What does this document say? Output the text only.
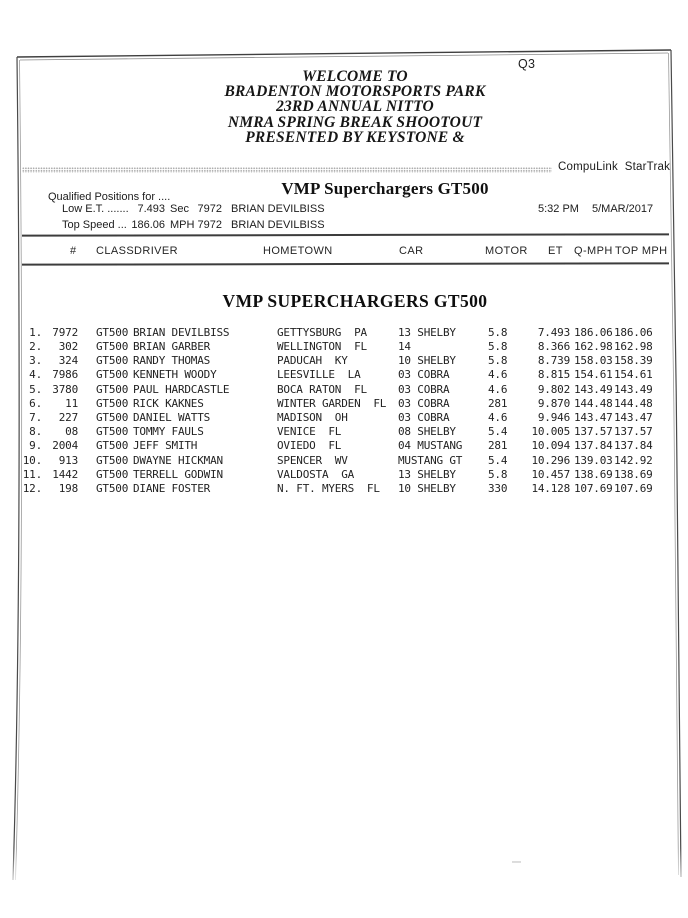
Q3
WELCOME TO
BRADENTON MOTORSPORTS PARK
23RD ANNUAL NITTO
NMRA SPRING BREAK SHOOTOUT
PRESENTED BY KEYSTONE &
CompuLink  StarTrak
Qualified Positions for ....	VMP Superchargers GT500
Low E.T. ....... 7.493 Sec 7972 BRIAN DEVILBISS	5:32 PM 5/MAR/2017
Top Speed ... 186.06 MPH 7972 BRIAN DEVILBISS
# CLASS DRIVER	HOMETOWN	CAR	MOTOR ET Q-MPH TOP MPH
VMP SUPERCHARGERS GT500
1. 7972 GT500 BRIAN DEVILBISS	GETTYSBURG  PA	13 SHELBY	5.8	7.493 186.06 186.06
2.	302 GT500 BRIAN GARBER	WELLINGTON  FL	14	5.8	8.366 162.98 162.98
3.	324 GT500 RANDY THOMAS	PADUCAH  KY	10 SHELBY	5.8	8.739 158.03 158.39
4. 7986 GT500 KENNETH WOODY	LEESVILLE  LA	03 COBRA	4.6	8.815 154.61 154.61
5. 3780 GT500 PAUL HARDCASTLE	BOCA RATON  FL	03 COBRA	4.6	9.802 143.49 143.49
6.	11 GT500 RICK KAKNES	WINTER GARDEN  FL 03 COBRA	281	9.870 144.48 144.48
7.	227 GT500 DANIEL WATTS	MADISON  OH	03 COBRA	4.6	9.946 143.47 143.47
8.	08 GT500 TOMMY FAULS	VENICE  FL	08 SHELBY	5.4	10.005 137.57 137.57
9. 2004 GT500 JEFF SMITH	OVIEDO  FL	04 MUSTANG 281	10.094 137.84 137.84
10.	913 GT500 DWAYNE HICKMAN	SPENCER  WV	MUSTANG GT 5.4	10.296 139.03 142.92
11. 1442 GT500 TERRELL GODWIN	VALDOSTA  GA	13 SHELBY	5.8	10.457 138.69 138.69
12.	198 GT500 DIANE FOSTER	N. FT. MYERS  FL 10 SHELBY	330	14.128 107.69 107.69
